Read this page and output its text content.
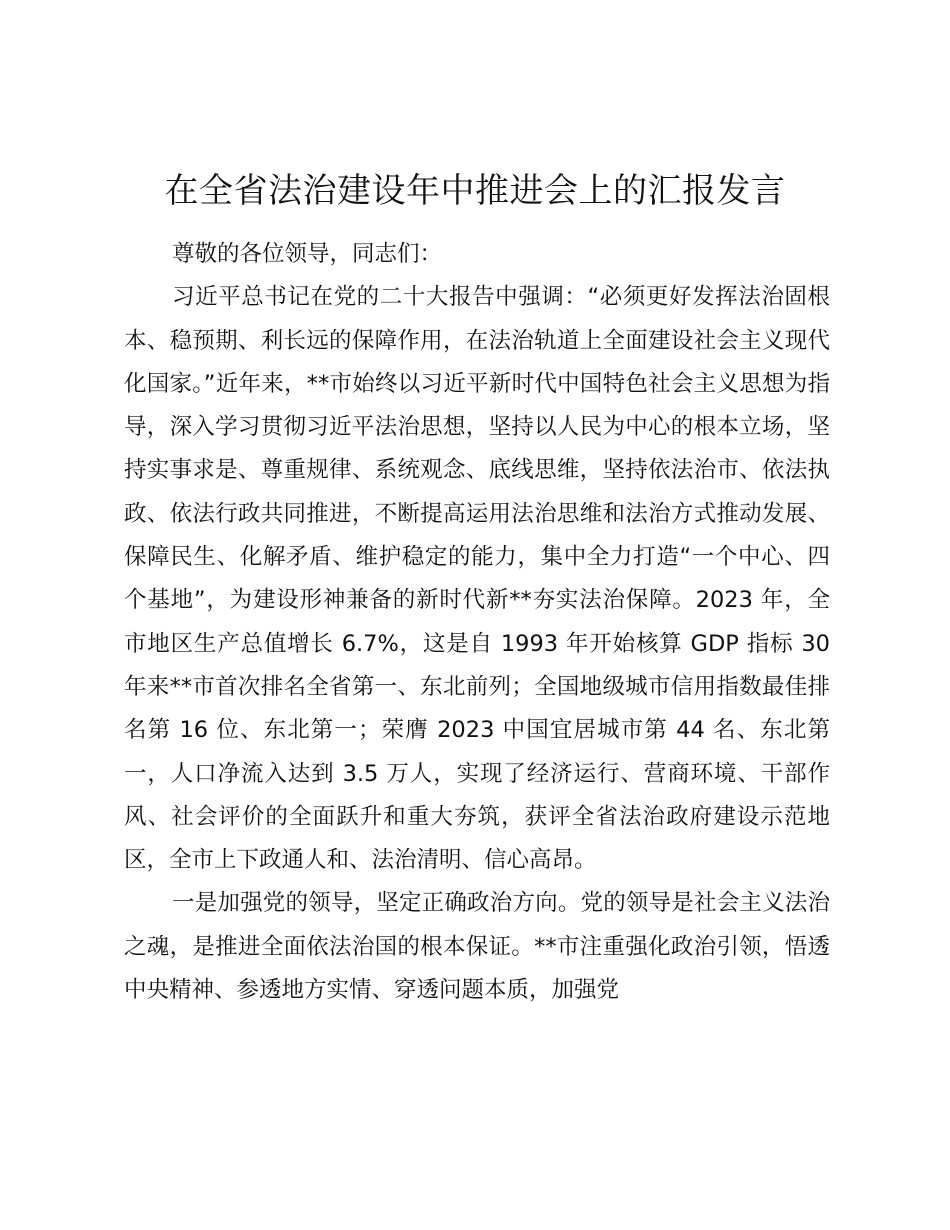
在全省法治建设年中推进会上的汇报发言

尊敬的各位领导，同志们：

习近平总书记在党的二十大报告中强调：“必须更好发挥法治固根本、稳预期、利长远的保障作用，在法治轨道上全面建设社会主义现代化国家。”近年来，**市始终以习近平新时代中国特色社会主义思想为指导，深入学习贯彻习近平法治思想，坚持以人民为中心的根本立场，坚持实事求是、尊重规律、系统观念、底线思维，坚持依法治市、依法执政、依法行政共同推进，不断提高运用法治思维和法治方式推动发展、保障民生、化解矛盾、维护稳定的能力，集中全力打造“一个中心、四个基地”，为建设形神兼备的新时代新**夯实法治保障。2023 年，全市地区生产总值增长 6.7%，这是自 1993 年开始核算 GDP 指标 30 年来**市首次排名全省第一、东北前列；全国地级城市信用指数最佳排名第 16 位、东北第一；荣膺 2023 中国宜居城市第 44 名、东北第一，人口净流入达到 3.5 万人，实现了经济运行、营商环境、干部作风、社会评价的全面跃升和重大夯筑，获评全省法治政府建设示范地区，全市上下政通人和、法治清明、信心高昂。

一是加强党的领导，坚定正确政治方向。党的领导是社会主义法治之魂，是推进全面依法治国的根本保证。**市注重强化政治引领，悟透中央精神、参透地方实情、穿透问题本质，加强党
